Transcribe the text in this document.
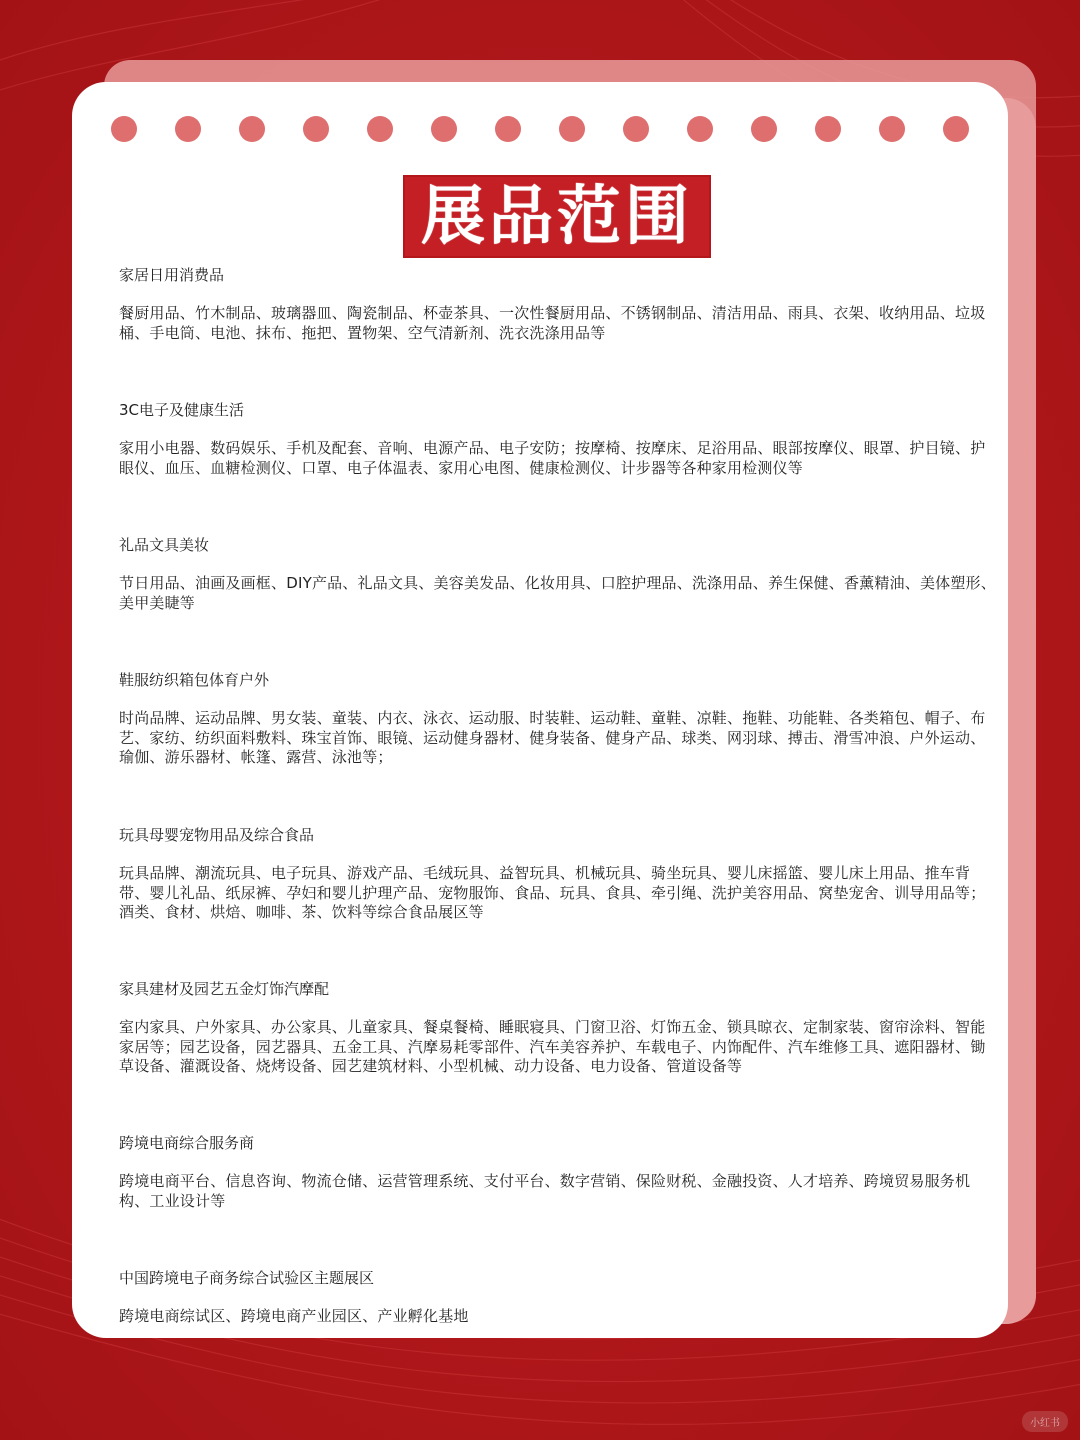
展品范围

家居日用消费品

餐厨用品、竹木制品、玻璃器皿、陶瓷制品、杯壶茶具、一次性餐厨用品、不锈钢制品、清洁用品、雨具、衣架、收纳用品、垃圾桶、手电筒、电池、抹布、拖把、置物架、空气清新剂、洗衣洗涤用品等

3C电子及健康生活

家用小电器、数码娱乐、手机及配套、音响、电源产品、电子安防；按摩椅、按摩床、足浴用品、眼部按摩仪、眼罩、护目镜、护眼仪、血压、血糖检测仪、口罩、电子体温表、家用心电图、健康检测仪、计步器等各种家用检测仪等

礼品文具美妆

节日用品、油画及画框、DIY产品、礼品文具、美容美发品、化妆用具、口腔护理品、洗涤用品、养生保健、香薰精油、美体塑形、美甲美睫等

鞋服纺织箱包体育户外

时尚品牌、运动品牌、男女装、童装、内衣、泳衣、运动服、时装鞋、运动鞋、童鞋、凉鞋、拖鞋、功能鞋、各类箱包、帽子、布艺、家纺、纺织面料敷料、珠宝首饰、眼镜、运动健身器材、健身装备、健身产品、球类、网羽球、搏击、滑雪冲浪、户外运动、瑜伽、游乐器材、帐篷、露营、泳池等；

玩具母婴宠物用品及综合食品

玩具品牌、潮流玩具、电子玩具、游戏产品、毛绒玩具、益智玩具、机械玩具、骑坐玩具、婴儿床摇篮、婴儿床上用品、推车背带、婴儿礼品、纸尿裤、孕妇和婴儿护理产品、宠物服饰、食品、玩具、食具、牵引绳、洗护美容用品、窝垫宠舍、训导用品等；酒类、食材、烘焙、咖啡、茶、饮料等综合食品展区等

家具建材及园艺五金灯饰汽摩配

室内家具、户外家具、办公家具、儿童家具、餐桌餐椅、睡眠寝具、门窗卫浴、灯饰五金、锁具晾衣、定制家装、窗帘涂料、智能家居等；园艺设备，园艺器具、五金工具、汽摩易耗零部件、汽车美容养护、车载电子、内饰配件、汽车维修工具、遮阳器材、锄草设备、灌溉设备、烧烤设备、园艺建筑材料、小型机械、动力设备、电力设备、管道设备等

跨境电商综合服务商

跨境电商平台、信息咨询、物流仓储、运营管理系统、支付平台、数字营销、保险财税、金融投资、人才培养、跨境贸易服务机构、工业设计等

中国跨境电子商务综合试验区主题展区

跨境电商综试区、跨境电商产业园区、产业孵化基地

小红书
